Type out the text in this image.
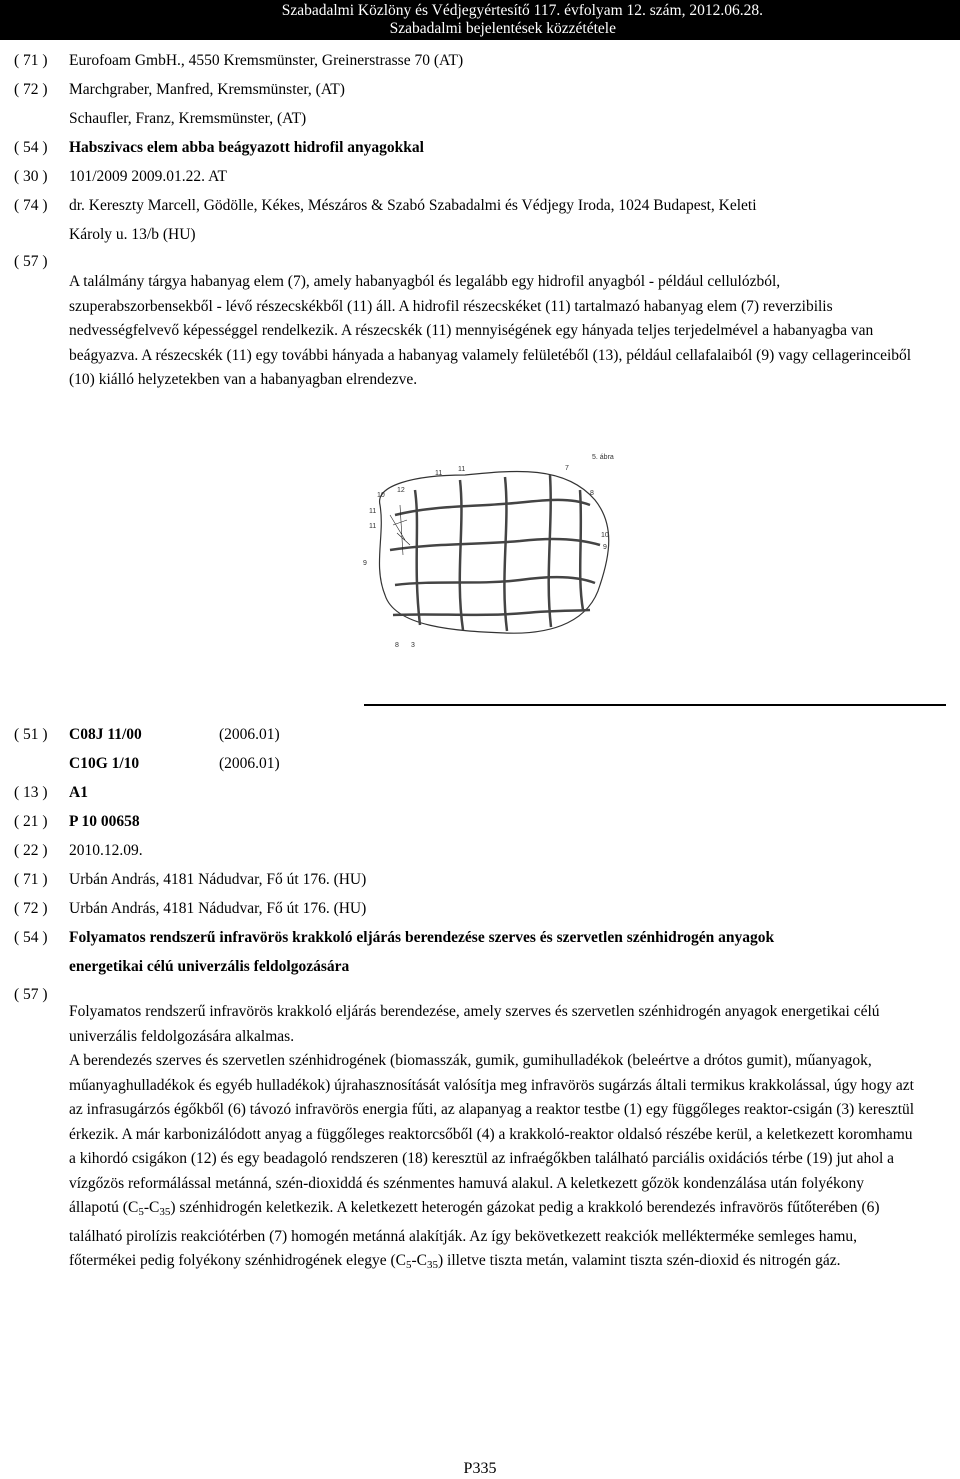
Szabadalmi Közlöny és Védjegyértesítő 117. évfolyam 12. szám, 2012.06.28.
Szabadalmi bejelentések közzététele
( 71 ) Eurofoam GmbH., 4550 Kremsmünster, Greinerstrasse 70 (AT)
( 72 ) Marchgraber, Manfred, Kremsmünster, (AT)
Schaufler, Franz, Kremsmünster, (AT)
( 54 ) Habszivacs elem abba beágyazott hidrofil anyagokkal
( 30 ) 101/2009 2009.01.22. AT
( 74 ) dr. Kereszty Marcell, Gödölle, Kékes, Mészáros & Szabó Szabadalmi és Védjegy Iroda, 1024 Budapest, Keleti
Károly u. 13/b (HU)
( 57 )
A találmány tárgya habanyag elem (7), amely habanyagból és legalább egy hidrofil anyagból - például cellulózból, szuperabszorbensekből - lévő részecskékből (11) áll. A hidrofil részecskéket (11) tartalmazó habanyag elem (7) reverzibilis nedvességfelvevő képességgel rendelkezik. A részecskék (11) mennyiségének egy hányada teljes terjedelmével a habanyagba van beágyazva. A részecskék (11) egy további hányada a habanyag valamely felületéből (13), például cellafalaiból (9) vagy cellagerinceiből (10) kiálló helyzetekben van a habanyagban elrendezve.
5. ábra
11
11	7
10
12	8
11
11
9
10
9
8 3
( 51 ) C08J 11/00	(2006.01)
C10G 1/10	(2006.01)
( 13 ) A1
( 21 ) P 10 00658
( 22 ) 2010.12.09.
( 71 ) Urbán András, 4181 Nádudvar, Fő út 176. (HU)
( 72 ) Urbán András, 4181 Nádudvar, Fő út 176. (HU)
( 54 ) Folyamatos rendszerű infravörös krakkoló eljárás berendezése szerves és szervetlen szénhidrogén anyagok
energetikai célú univerzális feldolgozására
( 57 )
Folyamatos rendszerű infravörös krakkoló eljárás berendezése, amely szerves és szervetlen szénhidrogén anyagok energetikai célú univerzális feldolgozására alkalmas.
A berendezés szerves és szervetlen szénhidrogének (biomasszák, gumik, gumihulladékok (beleértve a drótos gumit), műanyagok, műanyaghulladékok és egyéb hulladékok) újrahasznosítását valósítja meg infravörös sugárzás általi termikus krakkolással, úgy hogy azt az infrasugárzós égőkből (6) távozó infravörös energia fűti, az alapanyag a reaktor testbe (1) egy függőleges reaktor-csigán (3) keresztül érkezik. A már karbonizálódott anyag a függőleges reaktorcsőből (4) a krakkoló-reaktor oldalsó részébe kerül, a keletkezett koromhamu a kihordó csigákon (12) és egy beadagoló rendszeren (18) keresztül az infraégőkben található parciális oxidációs térbe (19) jut ahol a vízgőzös reformálással metánná, szén-dioxiddá és szénmentes hamuvá alakul. A keletkezett gőzök kondenzálása után folyékony állapotú $(C_5-C_{35})$ szénhidrogén keletkezik. A keletkezett heterogén gázokat pedig a krakkoló berendezés infravörös fűtőterében (6) található pirolízis reakciótérben (7) homogén metánná alakítják. Az így bekövetkezett reakciók mellékterméke semleges hamu, főtermékei pedig folyékony szénhidrogének elegye $(C_5-C_{35})$ illetve tiszta metán, valamint tiszta szén-dioxid és nitrogén gáz.
P335
